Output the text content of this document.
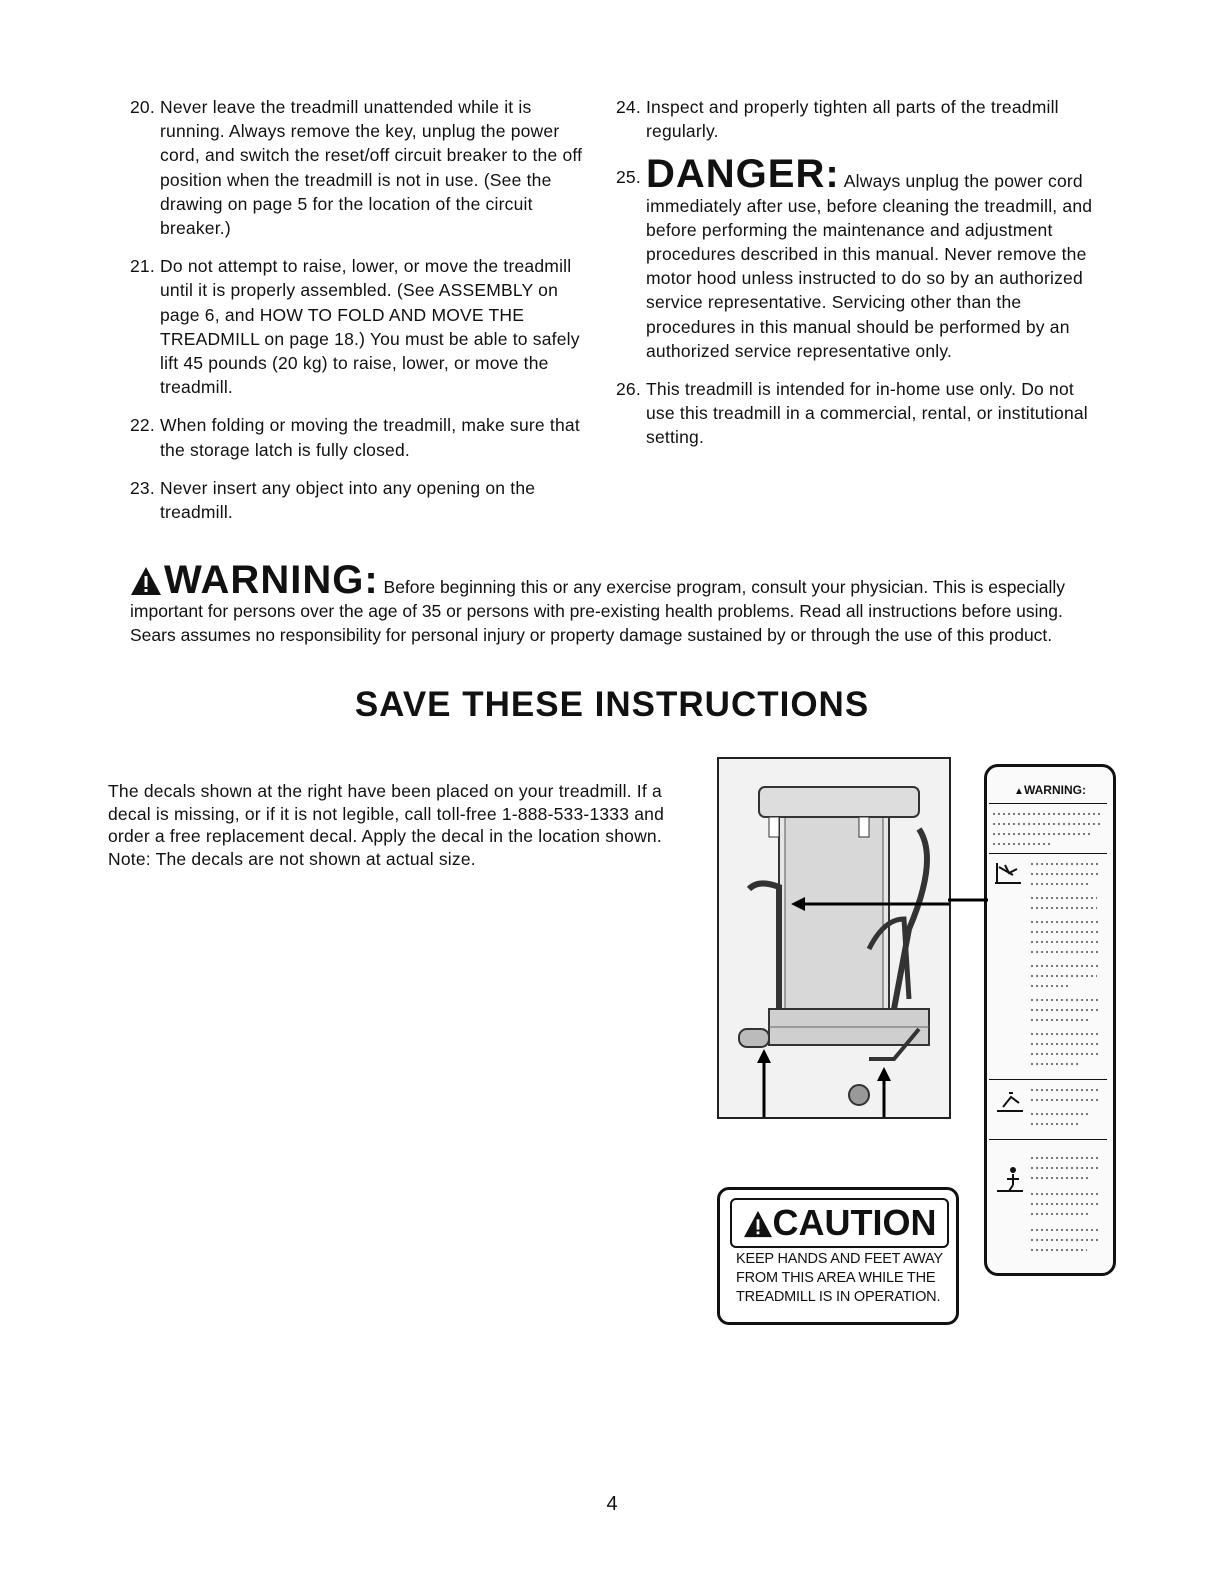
20. Never leave the treadmill unattended while it is running. Always remove the key, unplug the power cord, and switch the reset/off circuit breaker to the off position when the treadmill is not in use. (See the drawing on page 5 for the location of the circuit breaker.)
21. Do not attempt to raise, lower, or move the treadmill until it is properly assembled. (See ASSEMBLY on page 6, and HOW TO FOLD AND MOVE THE TREADMILL on page 18.) You must be able to safely lift 45 pounds (20 kg) to raise, lower, or move the treadmill.
22. When folding or moving the treadmill, make sure that the storage latch is fully closed.
23. Never insert any object into any opening on the treadmill.
24. Inspect and properly tighten all parts of the treadmill regularly.
25. DANGER: Always unplug the power cord immediately after use, before cleaning the treadmill, and before performing the maintenance and adjustment procedures described in this manual. Never remove the motor hood unless instructed to do so by an authorized service representative. Servicing other than the procedures in this manual should be performed by an authorized service representative only.
26. This treadmill is intended for in-home use only. Do not use this treadmill in a commercial, rental, or institutional setting.
WARNING: Before beginning this or any exercise program, consult your physician. This is especially important for persons over the age of 35 or persons with pre-existing health problems. Read all instructions before using. Sears assumes no responsibility for personal injury or property damage sustained by or through the use of this product.
SAVE THESE INSTRUCTIONS
The decals shown at the right have been placed on your treadmill. If a decal is missing, or if it is not legible, call toll-free 1-888-533-1333 and order a free replacement decal. Apply the decal in the location shown. Note: The decals are not shown at actual size.
CAUTION
KEEP HANDS AND FEET AWAY
FROM THIS AREA WHILE THE
TREADMILL IS IN OPERATION.
▲WARNING:
4
